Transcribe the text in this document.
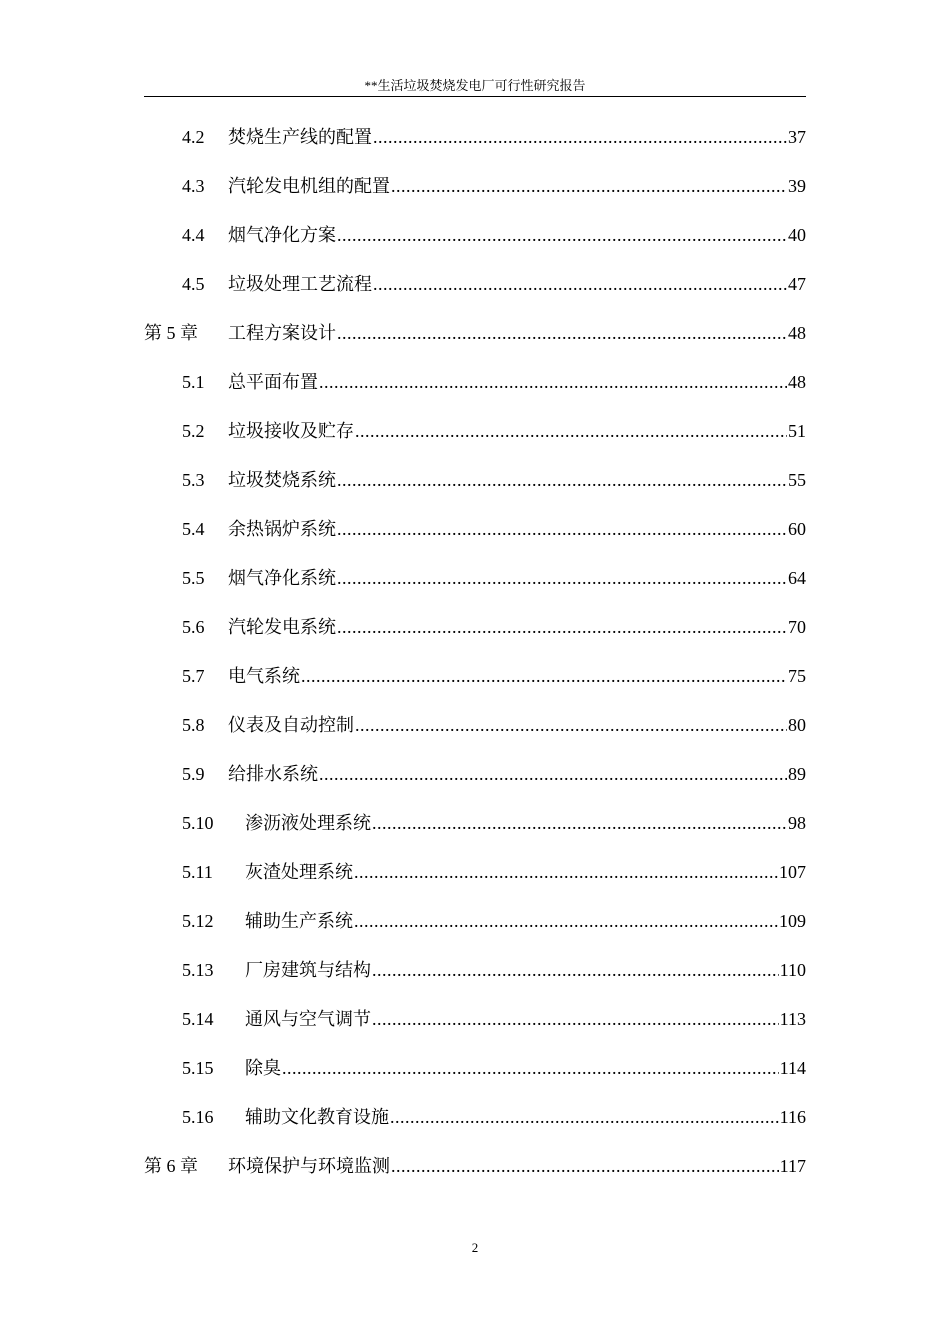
**生活垃圾焚烧发电厂可行性研究报告
4.2 焚烧生产线的配置 .....	37
4.3 汽轮发电机组的配置 .....	39
4.4 烟气净化方案 .....	40
4.5 垃圾处理工艺流程 .....	47
第 5 章 工程方案设计 .....	48
5.1 总平面布置 .....	48
5.2 垃圾接收及贮存 .....	51
5.3 垃圾焚烧系统 .....	55
5.4 余热锅炉系统 .....	60
5.5 烟气净化系统 .....	64
5.6 汽轮发电系统 .....	70
5.7 电气系统 .....	75
5.8 仪表及自动控制 .....	80
5.9 给排水系统 .....	89
5.10 渗沥液处理系统 .....	98
5.11 灰渣处理系统 .....	107
5.12 辅助生产系统 .....	109
5.13 厂房建筑与结构 .....	110
5.14 通风与空气调节 .....	113
5.15 除臭 .....	114
5.16 辅助文化教育设施 .....	116
第 6 章 环境保护与环境监测 .....	117
2
